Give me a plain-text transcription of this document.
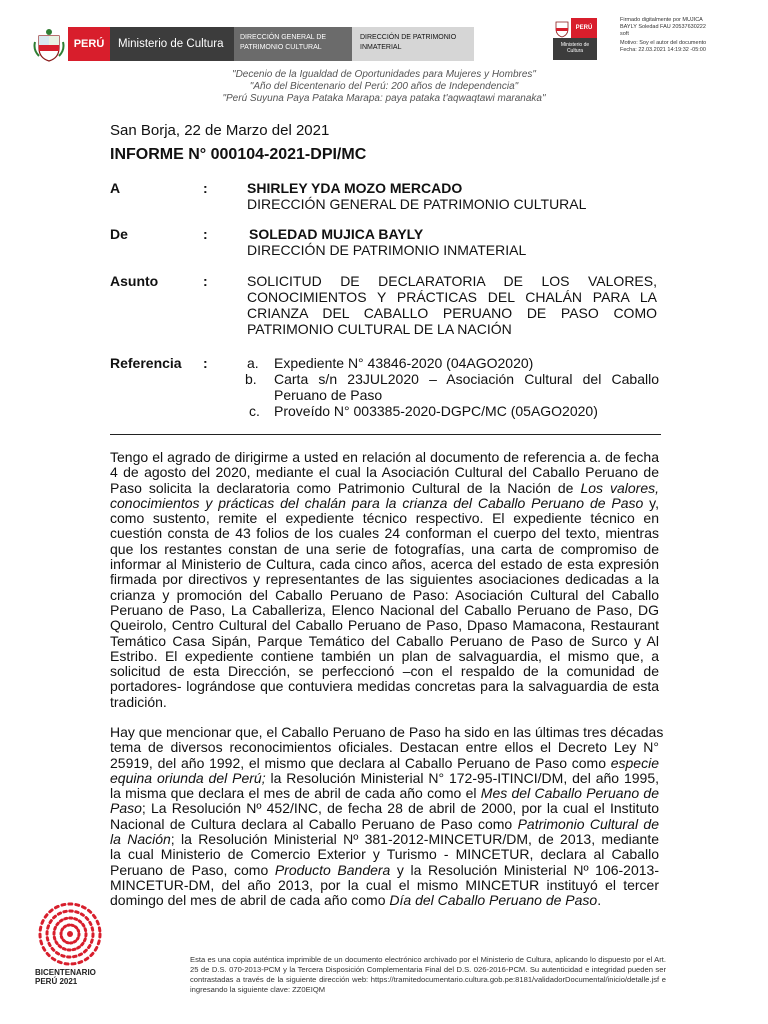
PERÚ Ministerio de Cultura
DIRECCIÓN GENERAL DE PATRIMONIO CULTURAL
DIRECCIÓN DE PATRIMONIO INMATERIAL
PERÚ
Ministerio de Cultura
Firmado digitalmente por MUJICA
BAYLY Soledad FAU 20537630222
soft
Motivo: Soy el autor del documento
Fecha: 22.03.2021 14:19:32 -05:00
"Decenio de la Igualdad de Oportunidades para Mujeres y Hombres"
"Año del Bicentenario del Perú: 200 años de Independencia"
"Perú Suyuna Paya Pataka Marapa: paya pataka t'aqwaqtawi maranaka"
San Borja, 22 de Marzo del 2021
INFORME N° 000104-2021-DPI/MC
A	:	SHIRLEY YDA MOZO MERCADO
DIRECCIÓN GENERAL DE PATRIMONIO CULTURAL
De	:	SOLEDAD MUJICA BAYLY
DIRECCIÓN DE PATRIMONIO INMATERIAL
Asunto	:	SOLICITUD DE DECLARATORIA DE LOS VALORES, CONOCIMIENTOS Y PRÁCTICAS DEL CHALÁN PARA LA CRIANZA DEL CABALLO PERUANO DE PASO COMO PATRIMONIO CULTURAL DE LA NACIÓN
Referencia :	a.	Expediente N° 43846-2020 (04AGO2020)
b.	Carta s/n 23JUL2020 – Asociación Cultural del Caballo
Peruano de Paso
c.	Proveído N° 003385-2020-DGPC/MC (05AGO2020)
Tengo el agrado de dirigirme a usted en relación al documento de referencia a. de fecha
4 de agosto del 2020, mediante el cual la Asociación Cultural del Caballo Peruano de
Paso solicita la declaratoria como Patrimonio Cultural de la Nación de Los valores,
conocimientos y prácticas del chalán para la crianza del Caballo Peruano de Paso y,
como sustento, remite el expediente técnico respectivo. El expediente técnico en
cuestión consta de 43 folios de los cuales 24 conforman el cuerpo del texto, mientras
que los restantes constan de una serie de fotografías, una carta de compromiso de
informar al Ministerio de Cultura, cada cinco años, acerca del estado de esta expresión
firmada por directivos y representantes de las siguientes asociaciones dedicadas a la
crianza y promoción del Caballo Peruano de Paso: Asociación Cultural del Caballo
Peruano de Paso, La Caballeriza, Elenco Nacional del Caballo Peruano de Paso, DG
Queirolo, Centro Cultural del Caballo Peruano de Paso, Dpaso Mamacona, Restaurant
Temático Casa Sipán, Parque Temático del Caballo Peruano de Paso de Surco y Al
Estribo. El expediente contiene también un plan de salvaguardia, el mismo que, a
solicitud de esta Dirección, se perfeccionó –con el respaldo de la comunidad de
portadores- lográndose que contuviera medidas concretas para la salvaguardia de esta
tradición.
Hay que mencionar que, el Caballo Peruano de Paso ha sido en las últimas tres décadas
tema de diversos reconocimientos oficiales. Destacan entre ellos el Decreto Ley N°
25919, del año 1992, el mismo que declara al Caballo Peruano de Paso como especie
equina oriunda del Perú; la Resolución Ministerial N° 172-95-ITINCI/DM, del año 1995,
la misma que declara el mes de abril de cada año como el Mes del Caballo Peruano de
Paso; La Resolución Nº 452/INC, de fecha 28 de abril de 2000, por la cual el Instituto
Nacional de Cultura declara al Caballo Peruano de Paso como Patrimonio Cultural de
la Nación; la Resolución Ministerial Nº 381-2012-MINCETUR/DM, de 2013, mediante
la cual Ministerio de Comercio Exterior y Turismo - MINCETUR, declara al Caballo
Peruano de Paso, como Producto Bandera y la Resolución Ministerial Nº 106-2013-
MINCETUR-DM, del año 2013, por la cual el mismo MINCETUR instituyó el tercer
domingo del mes de abril de cada año como Día del Caballo Peruano de Paso.
BICENTENARIO
PERÚ 2021
Esta es una copia auténtica imprimible de un documento electrónico archivado por el Ministerio de Cultura, aplicando lo dispuesto por el Art. 25 de D.S. 070-2013-PCM y la Tercera Disposición Complementaria Final del D.S. 026-2016-PCM. Su autenticidad e integridad pueden ser contrastadas a través de la siguiente dirección web: https://tramitedocumentario.cultura.gob.pe:8181/validadorDocumental/inicio/detalle.jsf e ingresando la siguiente clave: ZZ0EIQM
